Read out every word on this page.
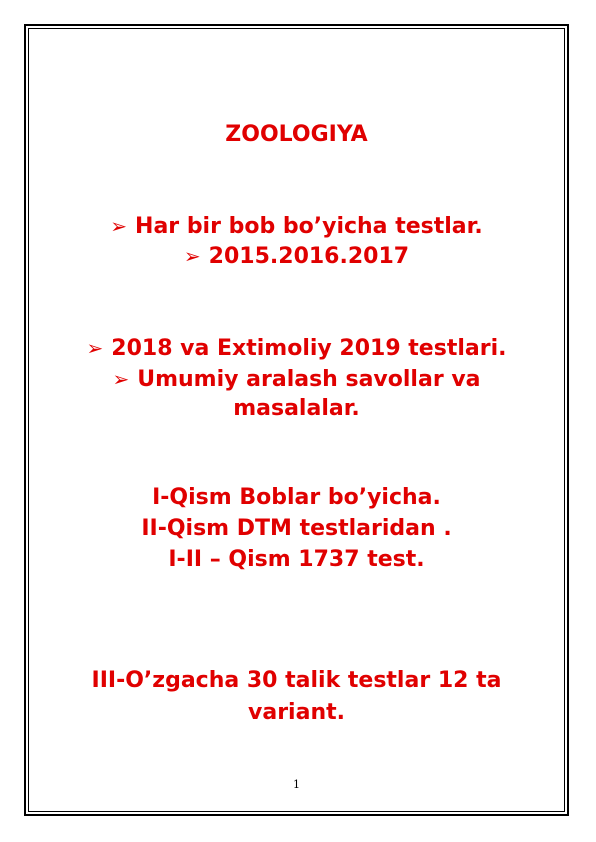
ZOOLOGIYA
➢ Har bir bob bo’yicha testlar.
➢ 2015.2016.2017
➢ 2018 va Extimoliy 2019 testlari.
➢ Umumiy aralash savollar va
masalalar.
I-Qism Boblar bo’yicha.
II-Qism DTM testlaridan .
I-II – Qism 1737 test.
III-O’zgacha 30 talik testlar 12 ta
variant.
1
